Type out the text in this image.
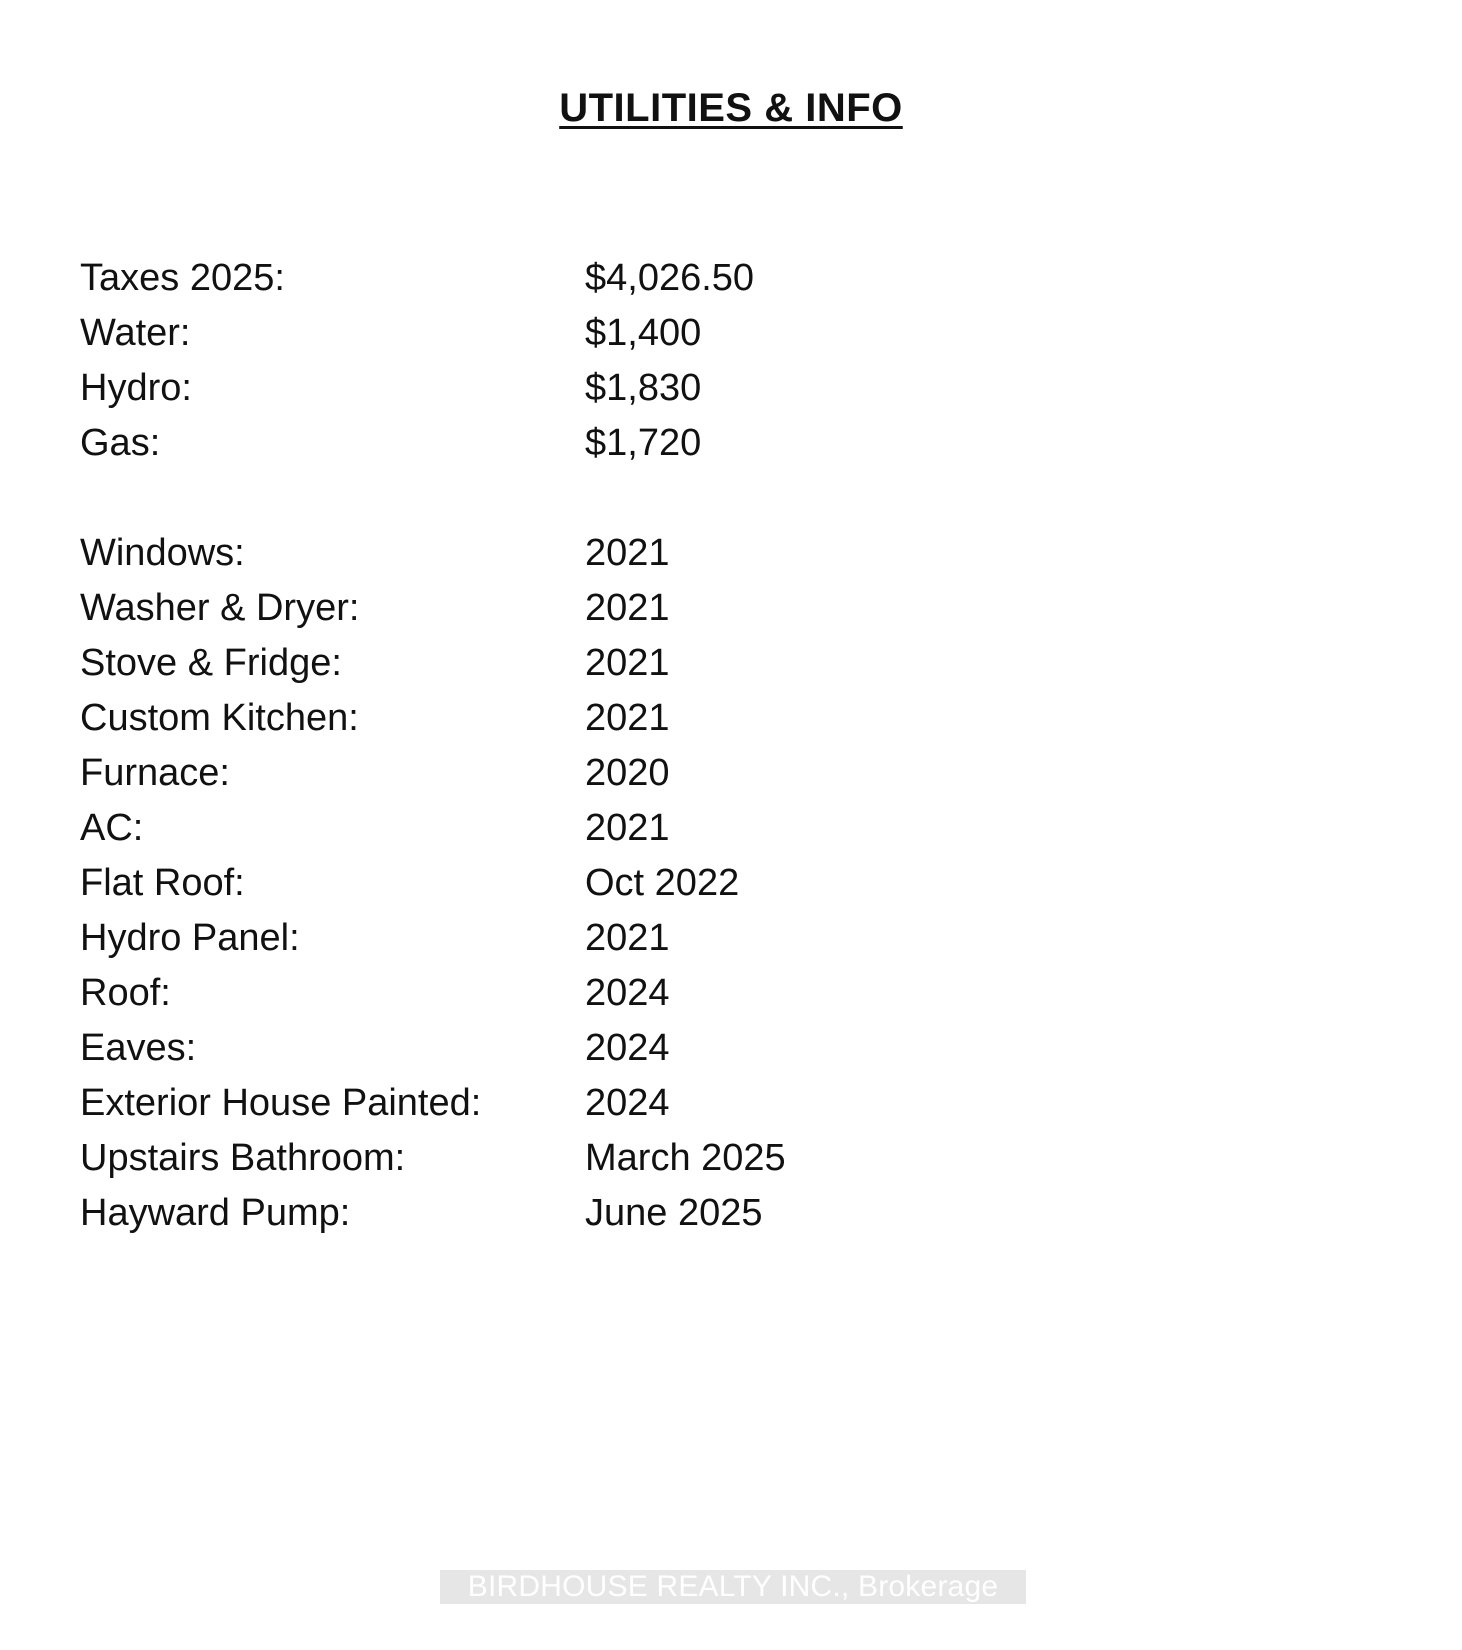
UTILITIES & INFO
Taxes 2025:	$4,026.50
Water:	$1,400
Hydro:	$1,830
Gas:	$1,720
Windows:	2021
Washer & Dryer:	2021
Stove & Fridge:	2021
Custom Kitchen:	2021
Furnace:	2020
AC:	2021
Flat Roof:	Oct 2022
Hydro Panel:	2021
Roof:	2024
Eaves:	2024
Exterior House Painted:	2024
Upstairs Bathroom:	March 2025
Hayward Pump:	June 2025
BIRDHOUSE REALTY INC., Brokerage
